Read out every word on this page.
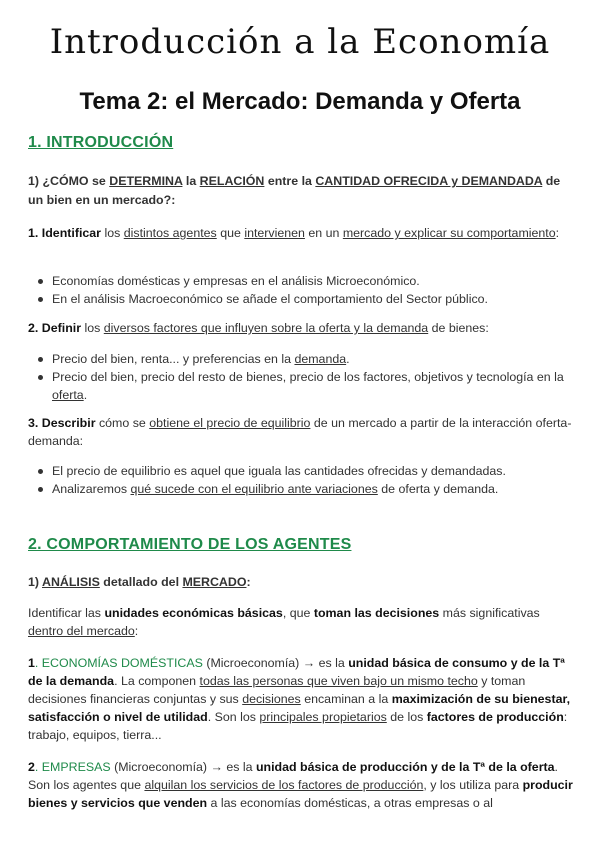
Introducción a la Economía
Tema 2: el Mercado: Demanda y Oferta
1. INTRODUCCIÓN
1) ¿CÓMO se DETERMINA la RELACIÓN entre la CANTIDAD OFRECIDA y DEMANDADA de un bien en un mercado?:
1. Identificar los distintos agentes que intervienen en un mercado y explicar su comportamiento:
Economías domésticas y empresas en el análisis Microeconómico.
En el análisis Macroeconómico se añade el comportamiento del Sector público.
2. Definir los diversos factores que influyen sobre la oferta y la demanda de bienes:
Precio del bien, renta... y preferencias en la demanda.
Precio del bien, precio del resto de bienes, precio de los factores, objetivos y tecnología en la oferta.
3. Describir cómo se obtiene el precio de equilibrio de un mercado a partir de la interacción oferta-demanda:
El precio de equilibrio es aquel que iguala las cantidades ofrecidas y demandadas.
Analizaremos qué sucede con el equilibrio ante variaciones de oferta y demanda.
2. COMPORTAMIENTO DE LOS AGENTES
1) ANÁLISIS detallado del MERCADO:
Identificar las unidades económicas básicas, que toman las decisiones más significativas dentro del mercado:
1. ECONOMÍAS DOMÉSTICAS (Microeconomía) → es la unidad básica de consumo y de la Tª de la demanda. La componen todas las personas que viven bajo un mismo techo y toman decisiones financieras conjuntas y sus decisiones encaminan a la maximización de su bienestar, satisfacción o nivel de utilidad. Son los principales propietarios de los factores de producción: trabajo, equipos, tierra...
2. EMPRESAS (Microeconomía) → es la unidad básica de producción y de la Tª de la oferta. Son los agentes que alquilan los servicios de los factores de producción, y los utiliza para producir bienes y servicios que venden a las economías domésticas, a otras empresas o al
